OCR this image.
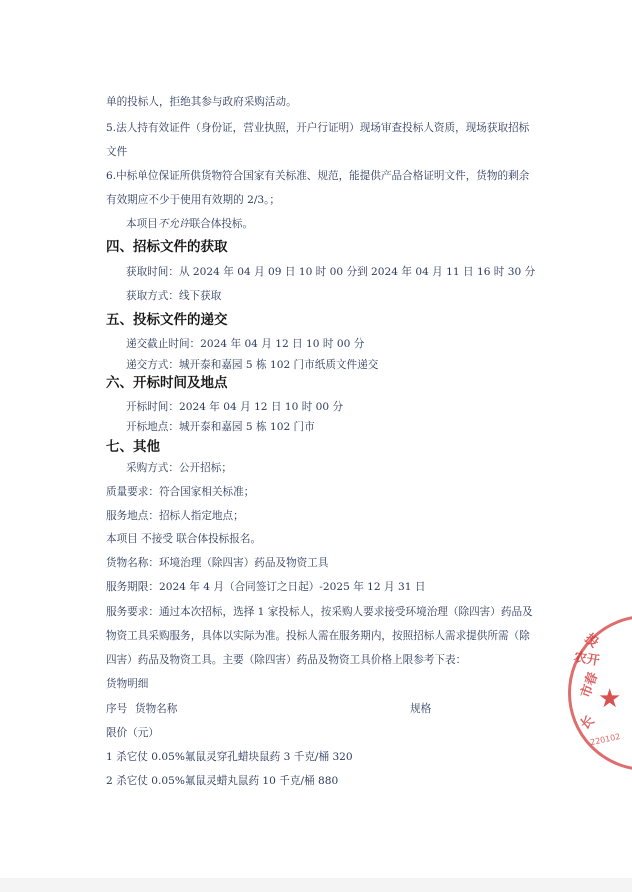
单的投标人，拒绝其参与政府采购活动。
5.法人持有效证件（身份证，营业执照，开户行证明）现场审查投标人资质，现场获取招标
文件
6.中标单位保证所供货物符合国家有关标准、规范，能提供产品合格证明文件，货物的剩余
有效期应不少于使用有效期的 2/3。；
本项目不允许联合体投标。
四、招标文件的获取
获取时间：从 2024 年 04 月 09 日 10 时 00 分到 2024 年 04 月 11 日 16 时 30 分
获取方式：线下获取
五、投标文件的递交
递交截止时间：2024 年 04 月 12 日 10 时 00 分
递交方式：城开泰和嘉园 5 栋 102 门市纸质文件递交
六、开标时间及地点
开标时间：2024 年 04 月 12 日 10 时 00 分
开标地点：城开泰和嘉园 5 栋 102 门市
七、其他
采购方式：公开招标；
质量要求：符合国家相关标准；
服务地点：招标人指定地点；
本项目 不接受 联合体投标报名。
货物名称：环境治理（除四害）药品及物资工具
服务期限：2024 年 4 月（合同签订之日起）-2025 年 12 月 31 日
服务要求：通过本次招标，选择 1 家投标人，按采购人要求接受环境治理（除四害）药品及
物资工具采购服务，具体以实际为准。投标人需在服务期内，按照招标人需求提供所需（除
四害）药品及物资工具。主要（除四害）药品及物资工具价格上限参考下表：
货物明细
序号 货物名称	规格
限价（元）
1 杀它仗 0.05%氟鼠灵穿孔蜡块鼠药 3 千克/桶 320
2 杀它仗 0.05%氟鼠灵蜡丸鼠药 10 千克/桶 880
投
农开
市春
长
★
220102
